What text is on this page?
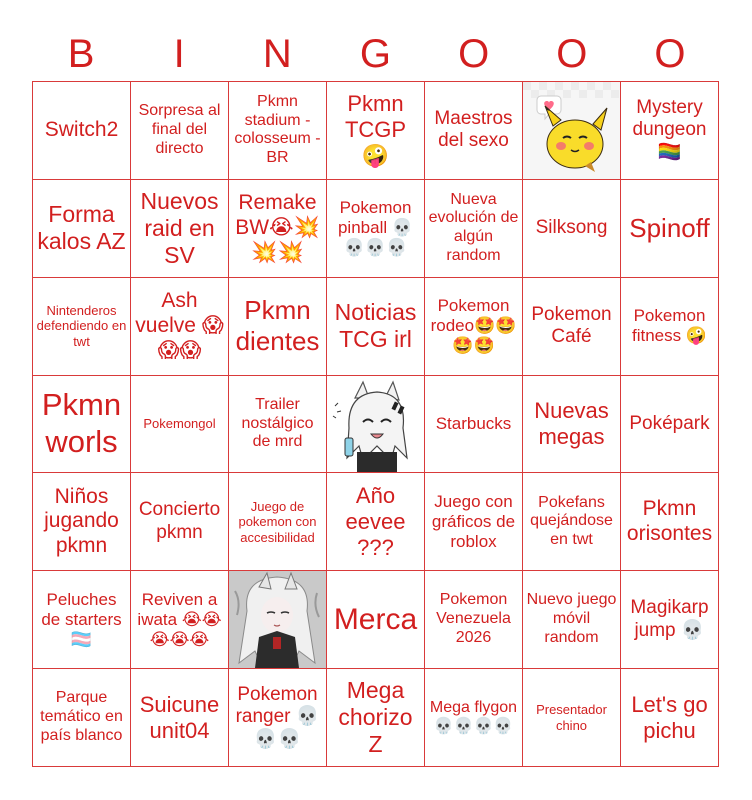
B	I	N	G	O	O	O
Switch2
Sorpresa al final del directo
Pkmn stadium - colosseum - BR
Pkmn TCGP 🤪
Maestros del sexo
Mystery dungeon 🏳️‍🌈
Forma kalos AZ
Nuevos raid en SV
Remake BW😭💥💥💥
Pokemon pinball 💀💀💀💀
Nueva evolución de algún random
Silksong Spinoff
Nintenderos defendiendo en twt
Ash vuelve 😱😱😱
Pkmn dientes
Noticias TCG irl
Pokemon rodeo🤩🤩🤩🤩
Pokemon Café
Pokemon fitness 🤪
Pkmn worls
Pokemongol
Trailer nostálgico de mrd
Starbucks
Nuevas megas
Poképark
Niños jugando pkmn
Concierto pkmn
Juego de pokemon con accesibilidad
Año eevee ???
Juego con gráficos de roblox
Pokefans quejándose en twt
Pkmn orisontes
Peluches de starters 🏳️‍⚧️
Reviven a iwata 😭😭😭😭😭
Merca
Pokemon Venezuela 2026
Nuevo juego móvil random
Magikarp jump 💀
Parque temático en país blanco
Suicune unit04
Pokemon ranger 💀💀💀
Mega chorizo Z
Mega flygon 💀💀💀💀
Presentador chino
Let's go pichu
